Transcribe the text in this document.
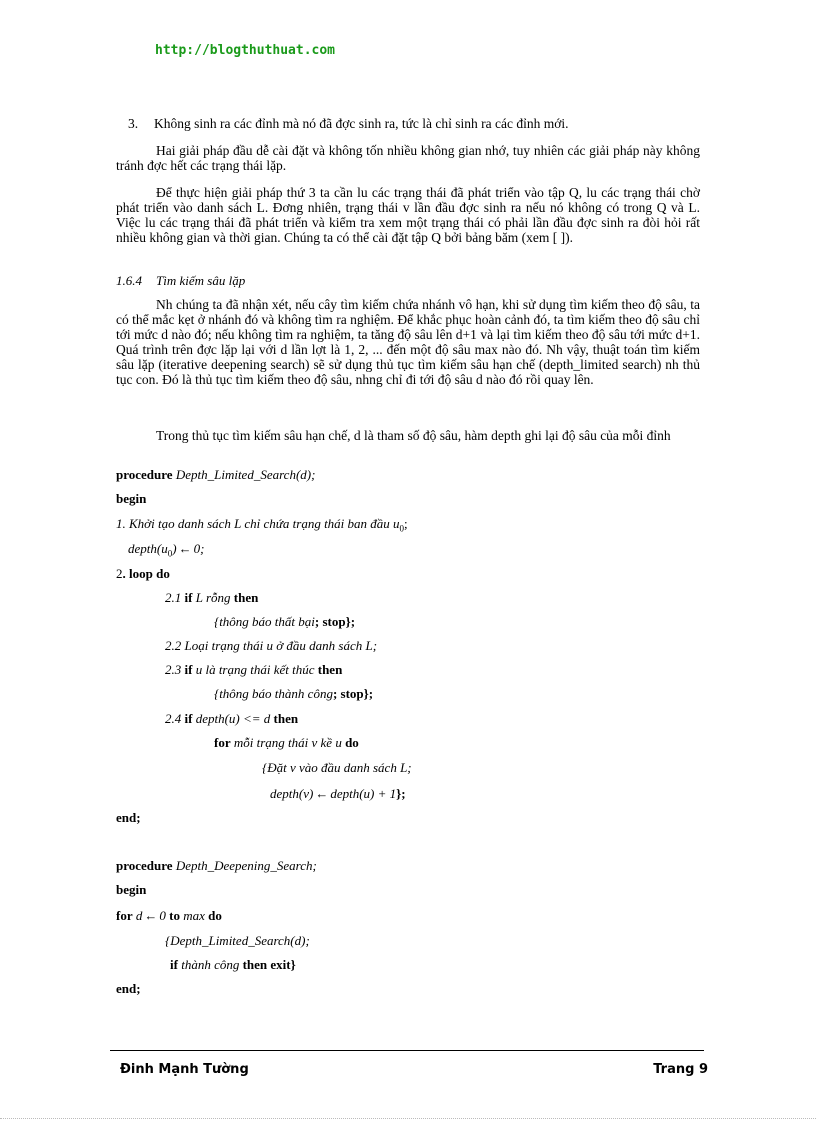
http://blogthuthuat.com
3. Không sinh ra các đỉnh mà nó đã đợc sinh ra, tức là chỉ sinh ra các đỉnh mới.
Hai giải pháp đầu dễ cài đặt và không tốn nhiều không gian nhớ, tuy nhiên các giải pháp này không tránh đợc hết các trạng thái lặp.
Để thực hiện giải pháp thứ 3 ta cần lu các trạng thái đã phát triển vào tập Q, lu các trạng thái chờ phát triển vào danh sách L. Đơng nhiên, trạng thái v lần đầu đợc sinh ra nếu nó không có trong Q và L. Việc lu các trạng thái đã phát triển và kiểm tra xem một trạng thái có phải lần đầu đợc sinh ra đòi hỏi rất nhiều không gian và thời gian. Chúng ta có thể cài đặt tập Q bởi bảng băm (xem [ ]).
1.6.4 Tìm kiếm sâu lặp
Nh chúng ta đã nhận xét, nếu cây tìm kiếm chứa nhánh vô hạn, khi sử dụng tìm kiếm theo độ sâu, ta có thể mắc kẹt ở nhánh đó và không tìm ra nghiệm. Để khắc phục hoàn cảnh đó, ta tìm kiếm theo độ sâu chỉ tới mức d nào đó; nếu không tìm ra nghiệm, ta tăng độ sâu lên d+1 và lại tìm kiếm theo độ sâu tới mức d+1. Quá trình trên đợc lặp lại với d lần lợt là 1, 2, ... đến một độ sâu max nào đó. Nh vậy, thuật toán tìm kiếm sâu lặp (iterative deepening search) sẽ sử dụng thủ tục tìm kiếm sâu hạn chế (depth_limited search) nh thủ tục con. Đó là thủ tục tìm kiếm theo độ sâu, nhng chỉ đi tới độ sâu d nào đó rồi quay lên.
Trong thủ tục tìm kiếm sâu hạn chế, d là tham số độ sâu, hàm depth ghi lại độ sâu của mỗi đỉnh
procedure Depth_Limited_Search(d);
begin
1. Khởi tạo danh sách L chỉ chứa trạng thái ban đầu $u_0$;
$depth(u_0)$ ← 0;
2. loop do
2.1 if L rỗng then
{thông báo thất bại; stop};
2.2 Loại trạng thái u ở đầu danh sách L;
2.3 if u là trạng thái kết thúc then
{thông báo thành công; stop};
2.4 if depth(u) <= d then
for mỗi trạng thái v kề u do
{Đặt v vào đầu danh sách L;
depth(v) ← depth(u) + 1};
end;
procedure Depth_Deepening_Search;
begin
for d ← 0 to max do
{Depth_Limited_Search(d);
if thành công then exit}
end;
Đinh Mạnh Tường	Trang 9
